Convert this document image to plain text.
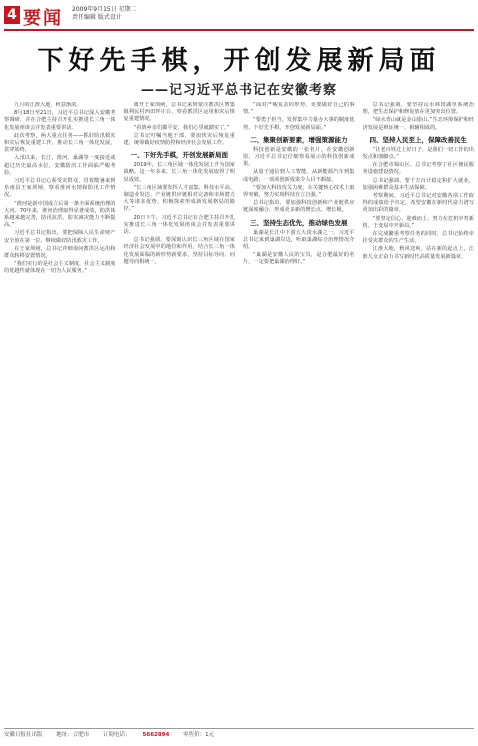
4 要闻 2009年9月15日 星期二
责任编辑 版式设计
下好先手棋，开创发展新局面
——记习近平总书记在安徽考察

九月的江淮大地，秋意渐浓。

8月18日至21日，习近平总书记深入安徽考察调研，并在合肥主持召开扎实推进长三角一体化发展座谈会并发表重要讲话。

此次考察，两大重点任务——抓好防汛救灾和灾后恢复重建工作，推动长三角一体化发展，贯穿始终。

入汛以来，长江、淮河、巢湖等一度接近或超过历史最高水位，安徽防汛工作面临严峻考验。

习近平总书记心系受灾群众，冒着酷暑来到阜南县王家坝闸，察看淮河水情和防汛工作情况。

“淮河是新中国成立后第一条全面系统治理的大河。70年来，淮河治理取得显著成效，防洪体系越来越完善，防汛抗洪、防灾减灾能力不断提高。”

习近平总书记指出，要把保障人民生命财产安全放在第一位，继续做好防汛救灾工作。

在王家坝闸，总书记详细询问蓄洪区运用和群众转移安置情况。

“我们实行的是社会主义制度，社会主义制度的优越性就体现在一切为人民服务。”

离开王家坝闸，总书记来到蒙洼蓄洪区曹集镇利民村西田坪庄台，察看蓄洪区运用和灾后恢复重建情况。

“看到乡亲们都平安，我们心里就踏实了。”

总书记叮嘱当地干部，要加快灾后恢复重建，统筹做好疫情防控和经济社会发展工作。

一、下好先手棋，开创发展新局面

2019年，长三角区域一体化发展上升为国家战略。这一年多来，长三角一体化发展取得了明显成效。

“长三角区域要发挥人才富集、科技水平高、制造业发达、产业链供应链相对完备和市场潜力大等诸多优势，积极探索形成新发展格局的路径。”

20日下午，习近平总书记在合肥主持召开扎实推进长三角一体化发展座谈会并发表重要讲话。

总书记强调，要深刻认识长三角区域在国家经济社会发展中的地位和作用，结合长三角一体化发展面临的新形势新要求，坚持目标导向、问题导向相统一。

“面对严峻复杂的形势，更要做好自己的事情。”

“要勇于担当，发挥集中力量办大事的制度优势，下好先手棋，开创发展新局面。”

二、集聚创新要素，增强策源能力

科技创新是安徽的一张名片。在安徽创新馆，习近平总书记仔细察看展示的科技创新成果。

从量子通信到人工智能，从新能源汽车到集成电路，一项项创新成果令人目不暇接。

“要加大科技攻关力度，在关键核心技术上取得突破，努力实现科技自立自强。”

总书记指出，要加强科技创新和产业链供应链深度融合，形成更多新的增长点、增长极。

三、坚持生态优先，推动绿色发展

巢湖是长江中下游五大淡水湖之一。习近平总书记来到巢湖岸边，听取巢湖综合治理情况介绍。

“巢湖是安徽人民的宝贝，是合肥最好的名片，一定要把巢湖治理好。”

总书记强调，要坚持山水林田湖草系统治理，把生态保护和修复放在更加突出位置。

“绿水青山就是金山银山。”生态环境保护和经济发展是辩证统一、相辅相成的。

四、坚持人民至上，保障改善民生

“让老百姓过上好日子，是我们一切工作的出发点和落脚点。”

在合肥市蜀山区，总书记考察了社区便民服务设施建设情况。

总书记强调，要千方百计稳定和扩大就业，加强困难群众基本生活保障。

考察期间，习近平总书记对安徽各项工作取得的成绩给予肯定，希望安徽在新时代奋力谱写更加出彩的篇章。

“要坚定信心、迎难而上，努力在危机中育新机、于变局中开新局。”

在完成繁重考察任务的同时，总书记始终牵挂受灾群众的生产生活。

江淮大地，秋风送爽。站在新的起点上，江淮儿女正奋力书写新时代高质量发展新篇章。

安徽日报社出版	地址：合肥市	订阅电话： 5662894	零售价：1元
